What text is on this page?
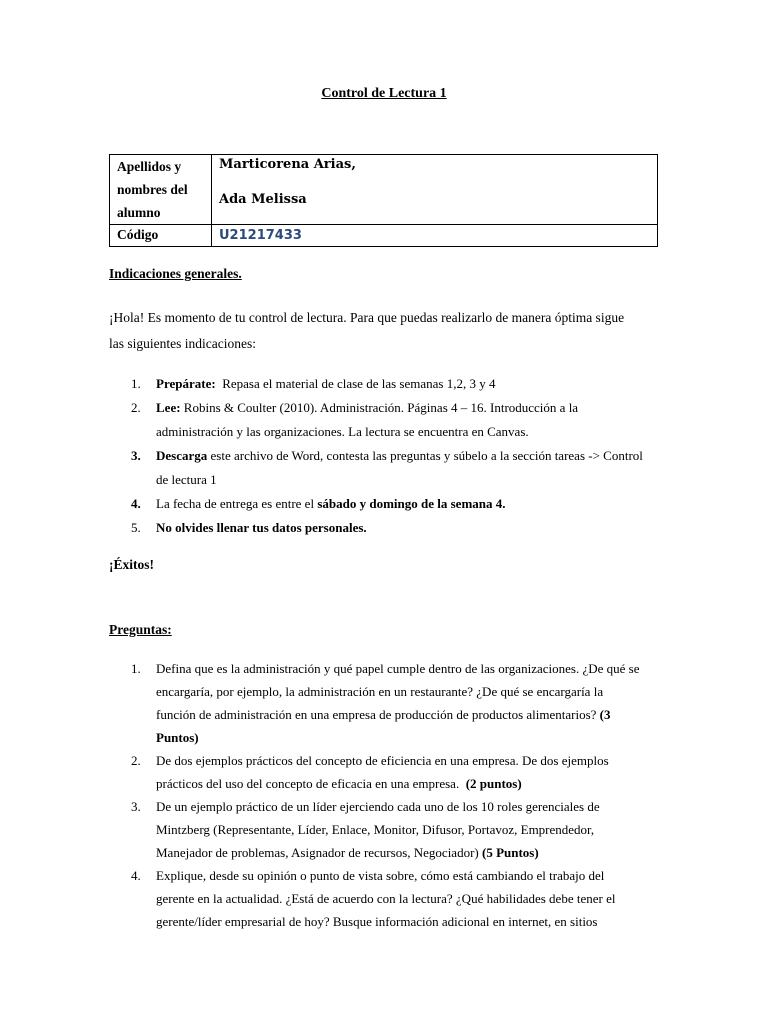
Control de Lectura 1
Apellidos y nombres del alumno	Marticorena Arias,
Ada Melissa

Código	U21217433
Indicaciones generales.
¡Hola! Es momento de tu control de lectura. Para que puedas realizarlo de manera óptima sigue las siguientes indicaciones:
1. Prepárate:  Repasa el material de clase de las semanas 1,2, 3 y 4
2. Lee: Robins & Coulter (2010). Administración. Páginas 4 – 16. Introducción a la administración y las organizaciones. La lectura se encuentra en Canvas.
3. Descarga este archivo de Word, contesta las preguntas y súbelo a la sección tareas -> Control de lectura 1
4. La fecha de entrega es entre el sábado y domingo de la semana 4.
5. No olvides llenar tus datos personales.
¡Éxitos!
Preguntas:
1. Defina que es la administración y qué papel cumple dentro de las organizaciones. ¿De qué se encargaría, por ejemplo, la administración en un restaurante? ¿De qué se encargaría la función de administración en una empresa de producción de productos alimentarios? (3 Puntos)
2. De dos ejemplos prácticos del concepto de eficiencia en una empresa. De dos ejemplos prácticos del uso del concepto de eficacia en una empresa.  (2 puntos)
3. De un ejemplo práctico de un líder ejerciendo cada uno de los 10 roles gerenciales de Mintzberg (Representante, Líder, Enlace, Monitor, Difusor, Portavoz, Emprendedor, Manejador de problemas, Asignador de recursos, Negociador) (5 Puntos)
4. Explique, desde su opinión o punto de vista sobre, cómo está cambiando el trabajo del gerente en la actualidad. ¿Está de acuerdo con la lectura? ¿Qué habilidades debe tener el gerente/líder empresarial de hoy? Busque información adicional en internet, en sitios
